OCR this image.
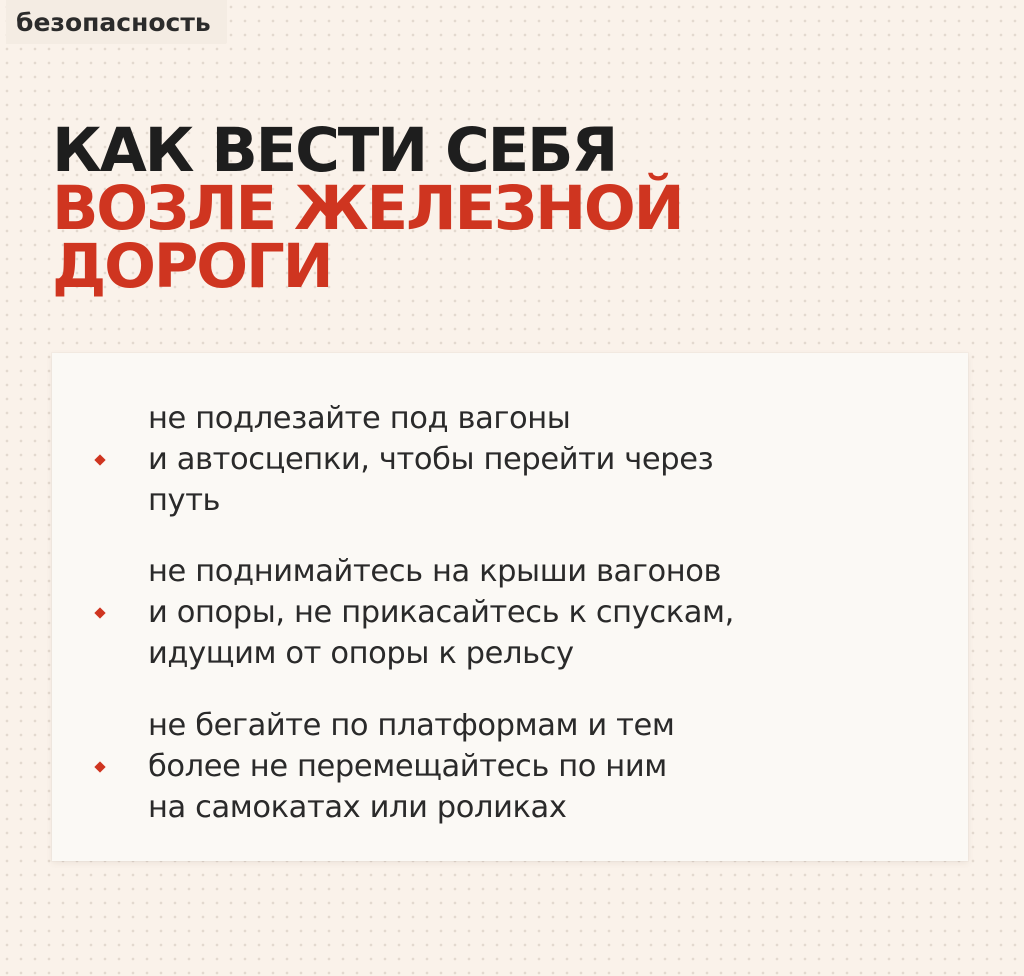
безопасность
КАК ВЕСТИ СЕБЯ
ВОЗЛЕ ЖЕЛЕЗНОЙ
ДОРОГИ
не подлезайте под вагоны
и автосцепки, чтобы перейти через
путь
не поднимайтесь на крыши вагонов
и опоры, не прикасайтесь к спускам,
идущим от опоры к рельсу
не бегайте по платформам и тем
более не перемещайтесь по ним
на самокатах или роликах
